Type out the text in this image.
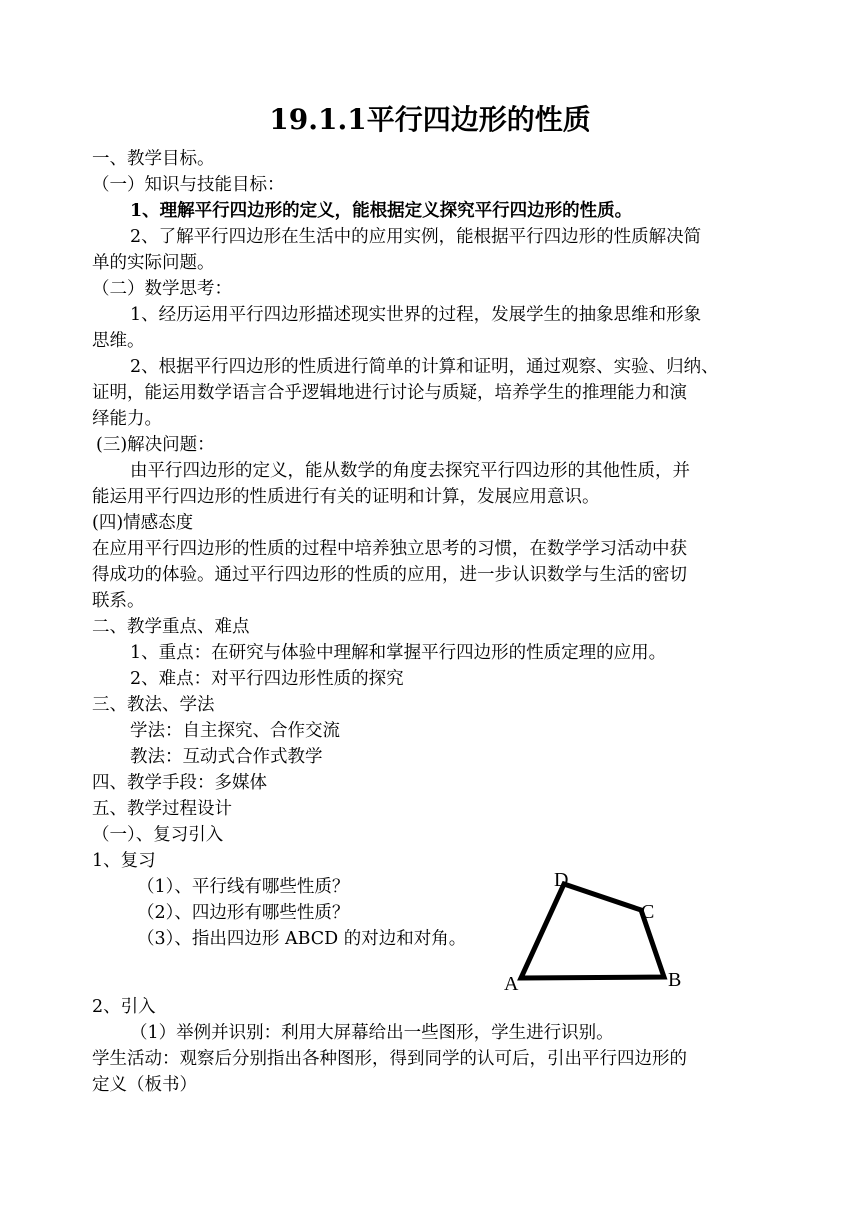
19.1.1平行四边形的性质
一、教学目标。
（一）知识与技能目标：
1、理解平行四边形的定义，能根据定义探究平行四边形的性质。
2、了解平行四边形在生活中的应用实例，能根据平行四边形的性质解决简
单的实际问题。
（二）数学思考：
1、经历运用平行四边形描述现实世界的过程，发展学生的抽象思维和形象
思维。
2、根据平行四边形的性质进行简单的计算和证明，通过观察、实验、归纳、
证明，能运用数学语言合乎逻辑地进行讨论与质疑，培养学生的推理能力和演
绎能力。
(三)解决问题：
由平行四边形的定义，能从数学的角度去探究平行四边形的其他性质，并
能运用平行四边形的性质进行有关的证明和计算，发展应用意识。
(四)情感态度
在应用平行四边形的性质的过程中培养独立思考的习惯，在数学学习活动中获
得成功的体验。通过平行四边形的性质的应用，进一步认识数学与生活的密切
联系。
二、教学重点、难点
1、重点：在研究与体验中理解和掌握平行四边形的性质定理的应用。
2、难点：对平行四边形性质的探究
三、教法、学法
学法：自主探究、合作交流
教法：互动式合作式教学
四、教学手段：多媒体
五、教学过程设计
（一）、复习引入
1、复习
（1）、平行线有哪些性质？
（2）、四边形有哪些性质？
（3）、指出四边形 ABCD 的对边和对角。
A	B
C
D
2、引入
（1）举例并识别：利用大屏幕给出一些图形，学生进行识别。
学生活动：观察后分别指出各种图形，得到同学的认可后，引出平行四边形的
定义（板书）
